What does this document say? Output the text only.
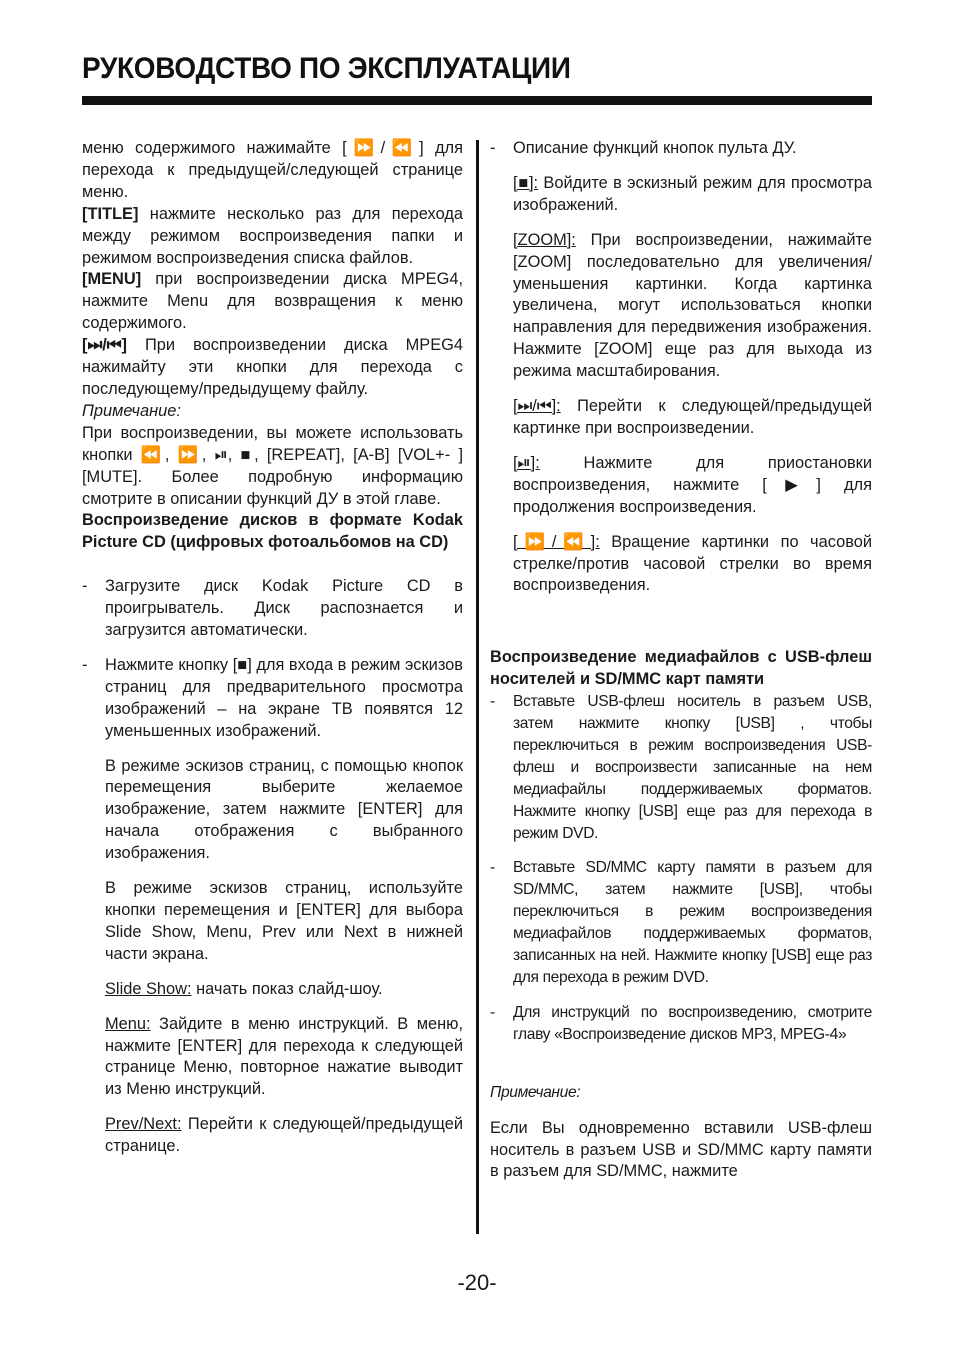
РУКОВОДСТВО ПО ЭКСПЛУАТАЦИИ

меню содержимого нажимайте [⏩/⏪] для перехода к предыдущей/следующей странице меню.

[TITLE] нажмите несколько раз для перехода между режимом воспроизведения папки и режимом воспроизведения списка файлов.

[MENU] при воспроизведении диска MPEG4, нажмите Menu для возвращения к меню содержимого.

[⏭/⏮] При воспроизведении диска MPEG4 нажимайту эти кнопки для перехода с последующему/предыдущему файлу.

Примечание:

При воспроизведении, вы можете использовать кнопки ⏪, ⏩, ⏯, ■, [REPEAT], [A-B] [VOL+- ][MUTE]. Более подробную информацию смотрите в описании функций ДУ в этой главе.

Воспроизведение дисков в формате Kodak Picture CD (цифровых фотоальбомов на CD)

-	Загрузите диск Kodak Picture CD в проигрыватель. Диск распознается и загрузится автоматически.
-	Нажмите кнопку [■] для входа в режим эскизов страниц для предварительного просмотра изображений – на экране ТВ появятся 12 уменьшенных изображений.

В режиме эскизов страниц, с помощью кнопок перемещения выберите желаемое изображение, затем нажмите [ENTER] для начала отображения с выбранного изображения.

В режиме эскизов страниц, используйте кнопки перемещения и [ENTER] для выбора Slide Show, Menu, Prev или Next в нижней части экрана.

Slide Show: начать показ слайд-шоу.

Menu: Зайдите в меню инструкций. В меню, нажмите [ENTER] для перехода к следующей странице Меню, повторное нажатие выводит из Меню инструкций.

Prev/Next: Перейти к следующей/предыдущей странице.

-	Описание функций кнопок пульта ДУ.

[■]: Войдите в эскизный режим для просмотра изображений.

[ZOOM]: При воспроизведении, нажимайте [ZOOM] последовательно для увеличения/уменьшения картинки. Когда картинка увеличена, могут использоваться кнопки направления для передвижения изображения. Нажмите [ZOOM] еще раз для выхода из режима масштабирования.

[⏭/⏮]: Перейти к следующей/предыдущей картинке при воспроизведении.

[⏯]: Нажмите для приостановки воспроизведения, нажмите [▶] для продолжения воспроизведения.

[⏩/⏪]: Вращение картинки по часовой стрелке/против часовой стрелки во время воспроизведения.

Воспроизведение медиафайлов с USB-флеш носителей и SD/MMC карт памяти

-	Вставьте USB-флеш носитель в разъем USB, затем нажмите кнопку [USB] , чтобы переключиться в режим воспроизведения USB-флеш и воспроизвести записанные на нем медиафайлы поддерживаемых форматов. Нажмите кнопку [USB] еще раз для перехода в режим DVD.
-	Вставьте SD/MMC карту памяти в разъем для SD/MMC, затем нажмите [USB], чтобы переключиться в режим воспроизведения медиафайлов поддерживаемых форматов, записанных на ней. Нажмите кнопку [USB] еще раз для перехода в режим DVD.
-	Для инструкций по воспроизведению, смотрите главу «Воспроизведение дисков MP3, MPEG-4»

Примечание:

Если Вы одновременно вставили USB-флеш носитель в разъем USB и SD/MMC карту памяти в разъем для SD/MMC, нажмите

-20-
